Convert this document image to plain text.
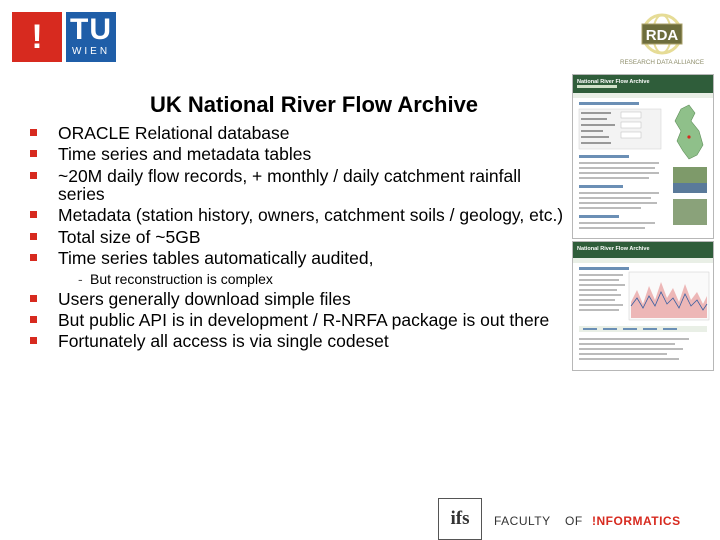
! TU
WIEN
RDA
RESEARCH DATA ALLIANCE
UK National River Flow Archive
ORACLE Relational database
Time series and metadata tables
~20M daily flow records, + monthly / daily catchment rainfall series
Metadata (station history, owners, catchment soils / geology, etc.)
Total size of ~5GB
Time series tables automatically audited,
- But reconstruction is complex
Users generally download simple files
But public API is in development / R-NRFA package is out there
Fortunately all access is via single codeset
National River Flow Archive
National River Flow Archive
ifs	FACULTY OF !NFORMATICS
